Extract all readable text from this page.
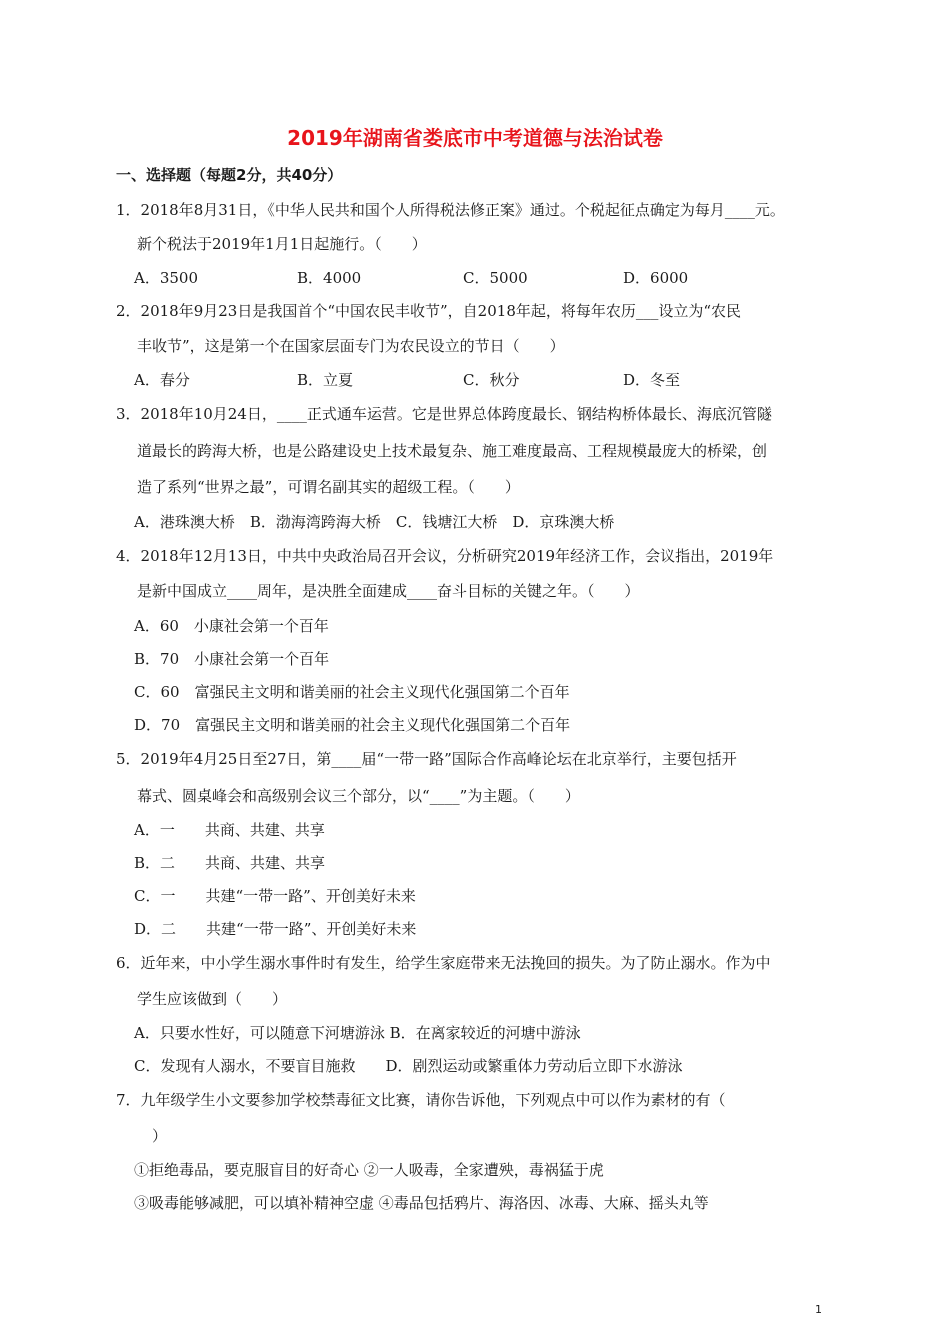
2019年湖南省娄底市中考道德与法治试卷
一、选择题（每题2分，共40分）
1．2018年8月31日，《中华人民共和国个人所得税法修正案》通过。个税起征点确定为每月____元。
新个税法于2019年1月1日起施行。（　　）
A．3500	B．4000	C．5000	D．6000
2．2018年9月23日是我国首个“中国农民丰收节”，自2018年起，将每年农历___设立为“农民
丰收节”，这是第一个在国家层面专门为农民设立的节日（　　）
A．春分	B．立夏	C．秋分	D．冬至
3．2018年10月24日，____正式通车运营。它是世界总体跨度最长、钢结构桥体最长、海底沉管隧
道最长的跨海大桥，也是公路建设史上技术最复杂、施工难度最高、工程规模最庞大的桥梁，创
造了系列“世界之最”，可谓名副其实的超级工程。（　　）
A．港珠澳大桥　B．渤海湾跨海大桥　C．钱塘江大桥　D．京珠澳大桥
4．2018年12月13日，中共中央政治局召开会议，分析研究2019年经济工作，会议指出，2019年
是新中国成立____周年，是决胜全面建成____奋斗目标的关键之年。（　　）
A．60　小康社会第一个百年
B．70　小康社会第一个百年
C．60　富强民主文明和谐美丽的社会主义现代化强国第二个百年
D．70　富强民主文明和谐美丽的社会主义现代化强国第二个百年
5．2019年4月25日至27日，第____届“一带一路”国际合作高峰论坛在北京举行，主要包括开
幕式、圆桌峰会和高级别会议三个部分，以“____”为主题。（　　）
A．一　　共商、共建、共享
B．二　　共商、共建、共享
C．一　　共建“一带一路”、开创美好未来
D．二　　共建“一带一路”、开创美好未来
6．近年来，中小学生溺水事件时有发生，给学生家庭带来无法挽回的损失。为了防止溺水。作为中
学生应该做到（　　）
A．只要水性好，可以随意下河塘游泳 B．在离家较近的河塘中游泳
C．发现有人溺水，不要盲目施救　　D．剧烈运动或繁重体力劳动后立即下水游泳
7．九年级学生小文要参加学校禁毒征文比赛，请你告诉他，下列观点中可以作为素材的有（
　）
①拒绝毒品，要克服盲目的好奇心 ②一人吸毒，全家遭殃，毒祸猛于虎
③吸毒能够减肥，可以填补精神空虚 ④毒品包括鸦片、海洛因、冰毒、大麻、摇头丸等
1
